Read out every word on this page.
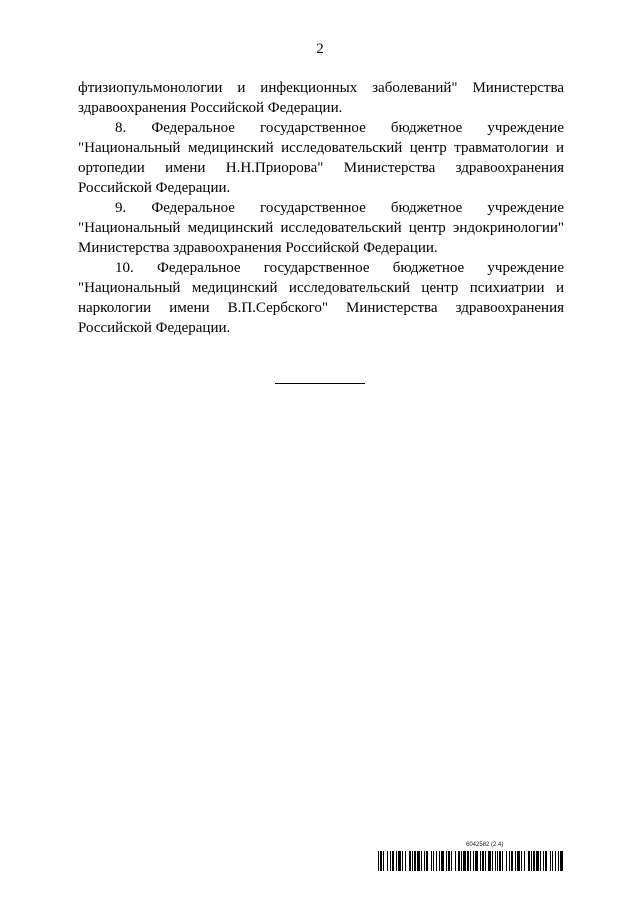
2

фтизиопульмонологии и инфекционных заболеваний" Министерства здравоохранения Российской Федерации.

8. Федеральное государственное бюджетное учреждение "Национальный медицинский исследовательский центр травматологии и ортопедии имени Н.Н.Приорова" Министерства здравоохранения Российской Федерации.

9. Федеральное государственное бюджетное учреждение "Национальный медицинский исследовательский центр эндокринологии" Министерства здравоохранения Российской Федерации.

10. Федеральное государственное бюджетное учреждение "Национальный медицинский исследовательский центр психиатрии и наркологии имени В.П.Сербского" Министерства здравоохранения Российской Федерации.

6042582 (2.4)
